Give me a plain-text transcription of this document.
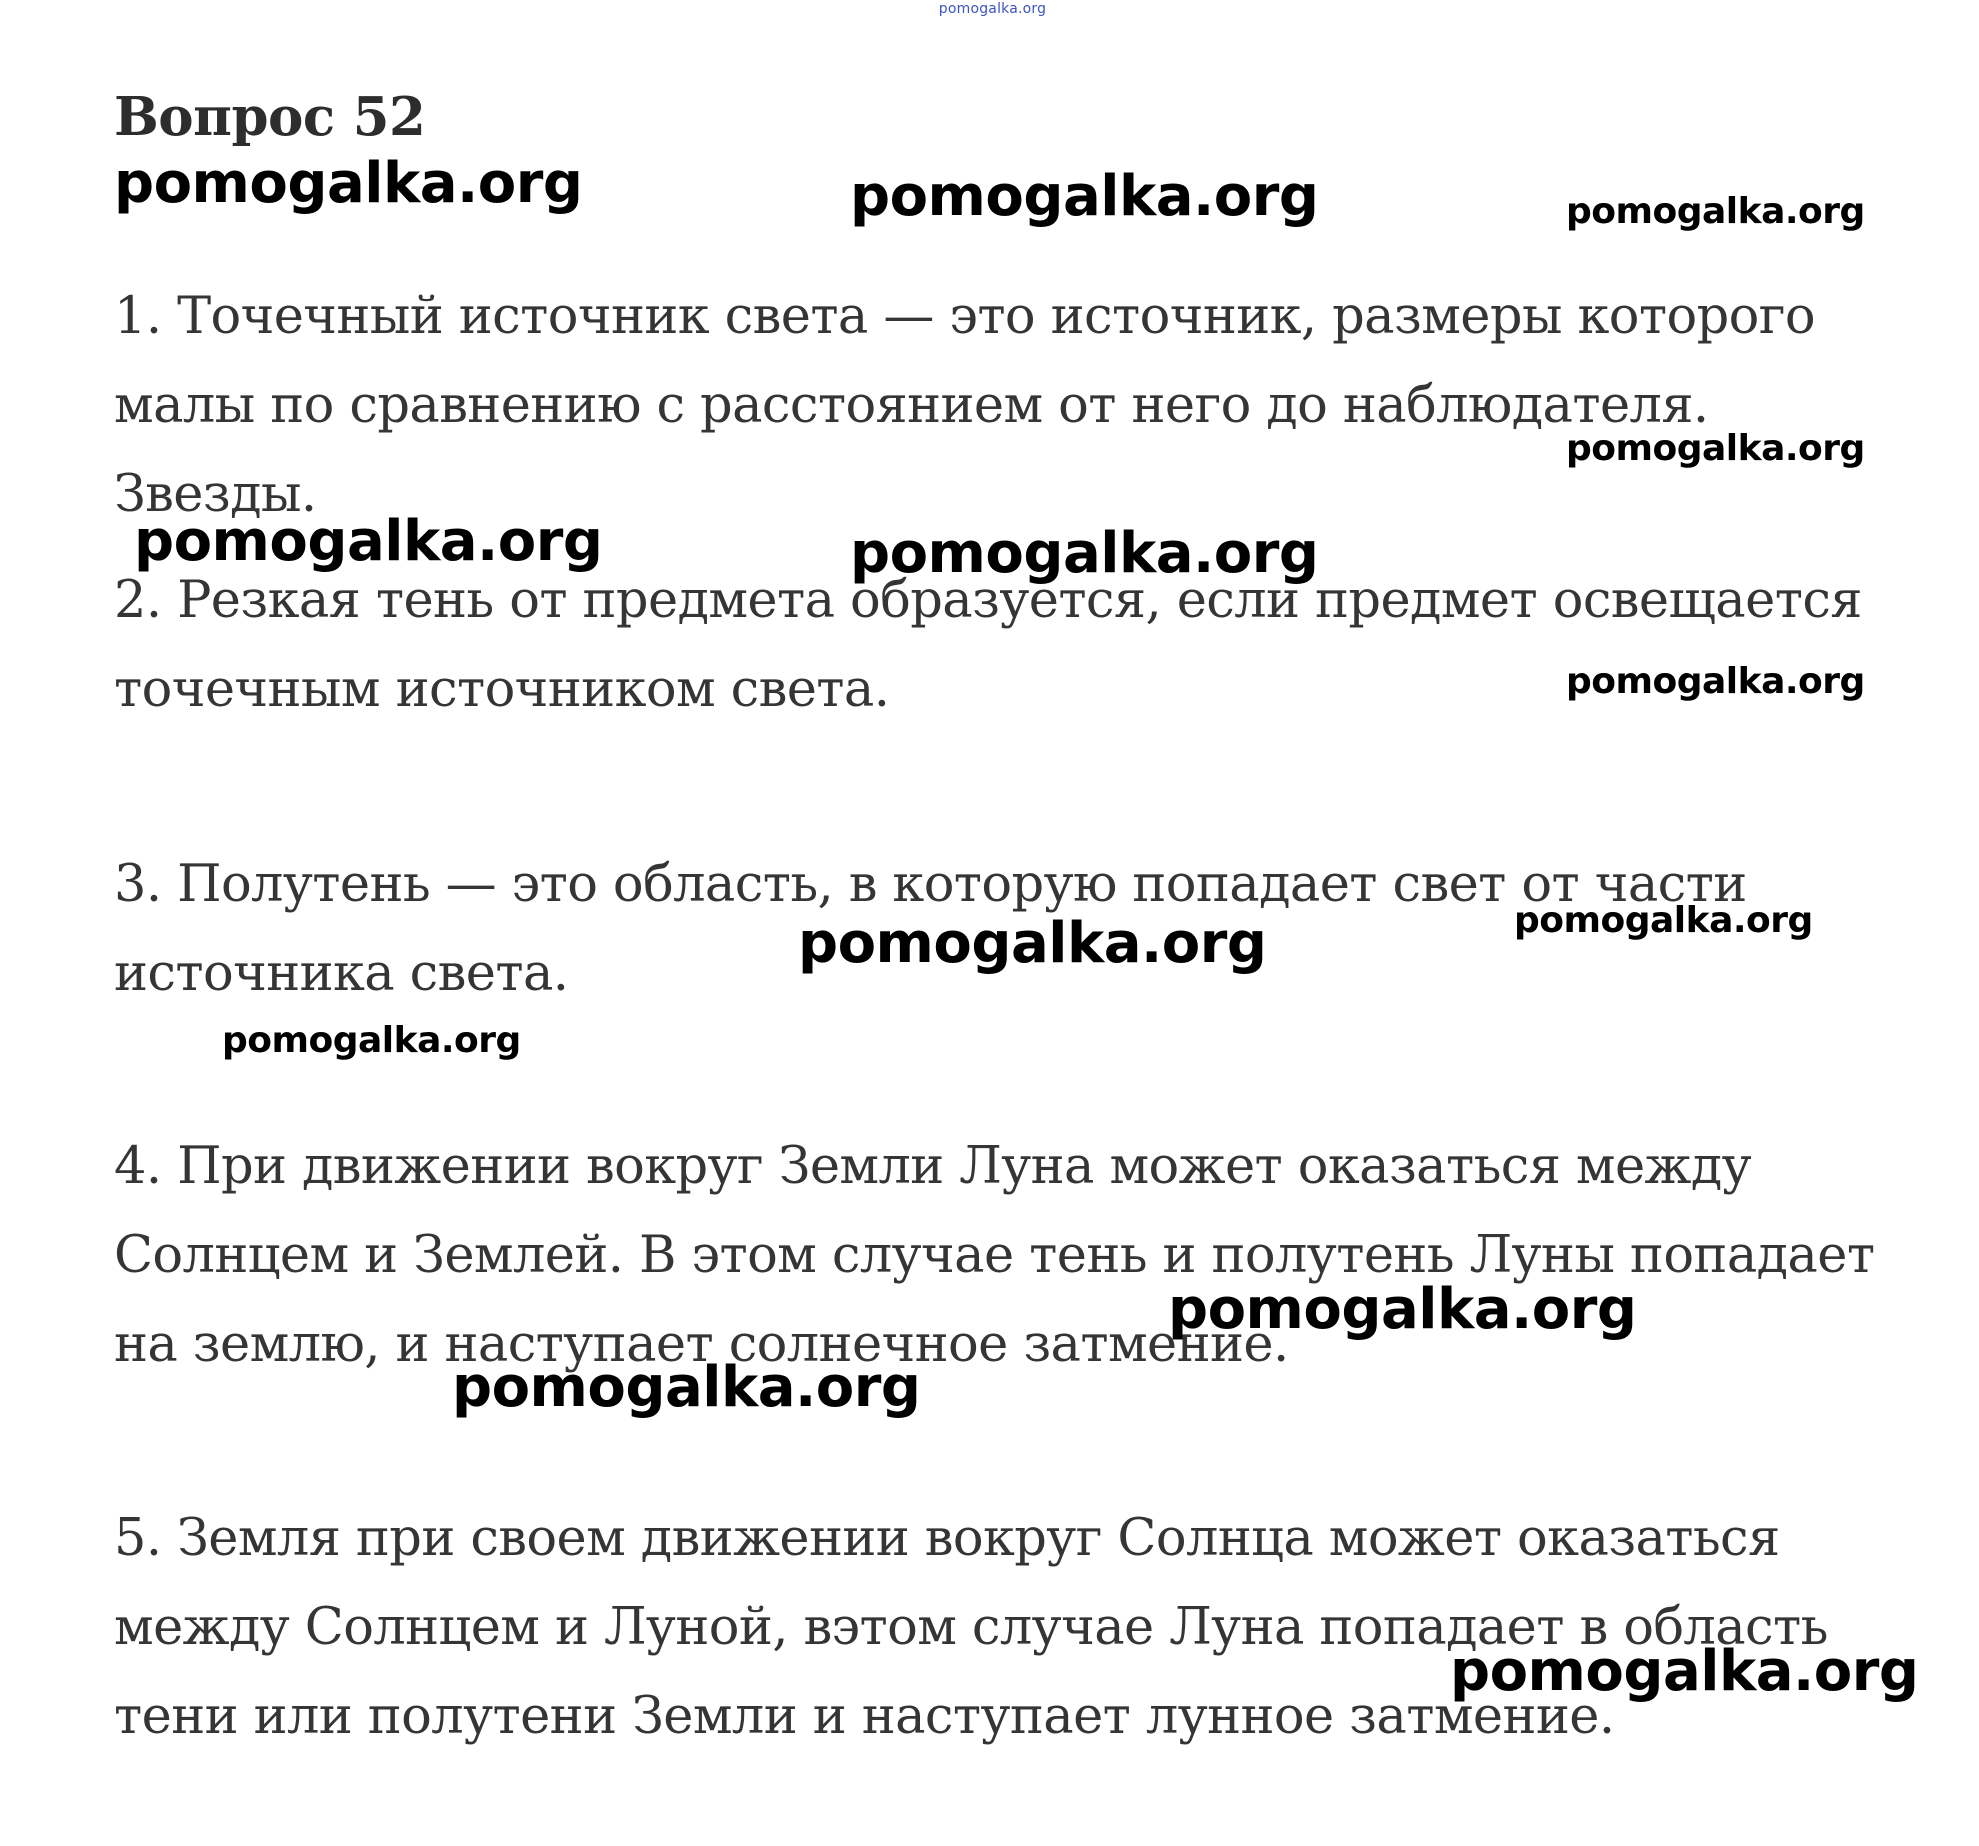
pomogalka.org
Вопрос 52

1. Точечный источник света — это источник, размеры которого малы по сравнению с расстоянием от него до наблюдателя. Звезды.

2. Резкая тень от предмета образуется, если предмет освещается точечным источником света.

3. Полутень — это область, в которую попадает свет от части источника света.

4. При движении вокруг Земли Луна может оказаться между Солнцем и Землей. В этом случае тень и полутень Луны попадает на землю, и наступает солнечное затмение.

5. Земля при своем движении вокруг Солнца может оказаться между Солнцем и Луной, вэтом случае Луна попадает в область тени или полутени Земли и наступает лунное затмение.

pomogalka.org	pomogalka.org	pomogalka.org
pomogalka.org
pomogalka.org	pomogalka.org
pomogalka.org
pomogalka.org
pomogalka.org
pomogalka.org
pomogalka.org
pomogalka.org
pomogalka.org
